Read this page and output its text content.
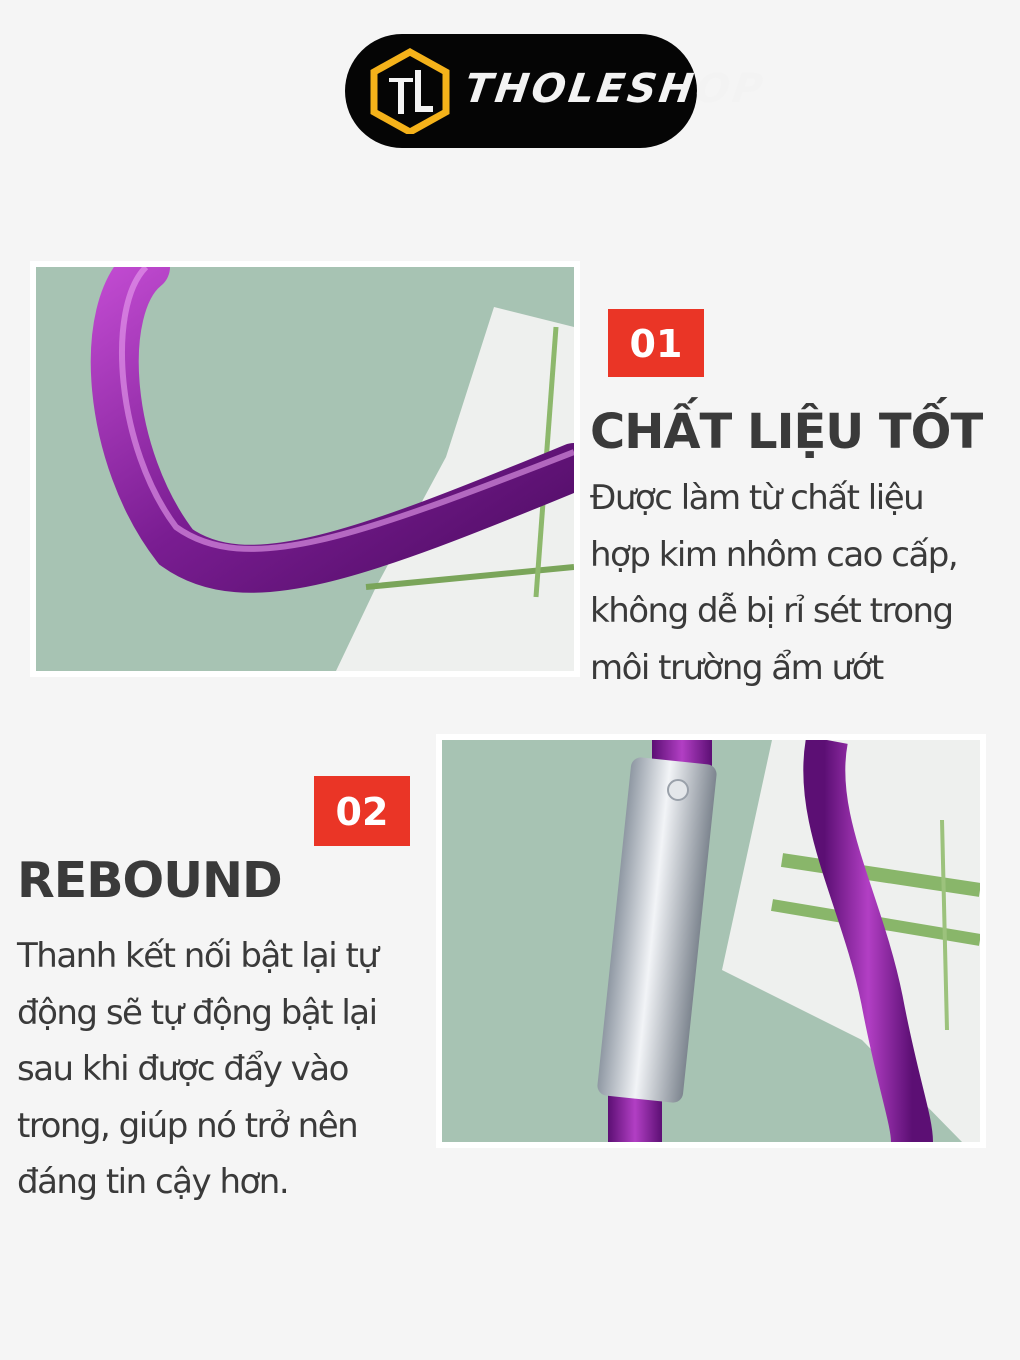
THOLESHOP
01
CHẤT LIỆU TỐT
Được làm từ chất liệu
hợp kim nhôm cao cấp,
không dễ bị rỉ sét trong
môi trường ẩm ướt
02
REBOUND
Thanh kết nối bật lại tự
động sẽ tự động bật lại
sau khi được đẩy vào
trong, giúp nó trở nên
đáng tin cậy hơn.
